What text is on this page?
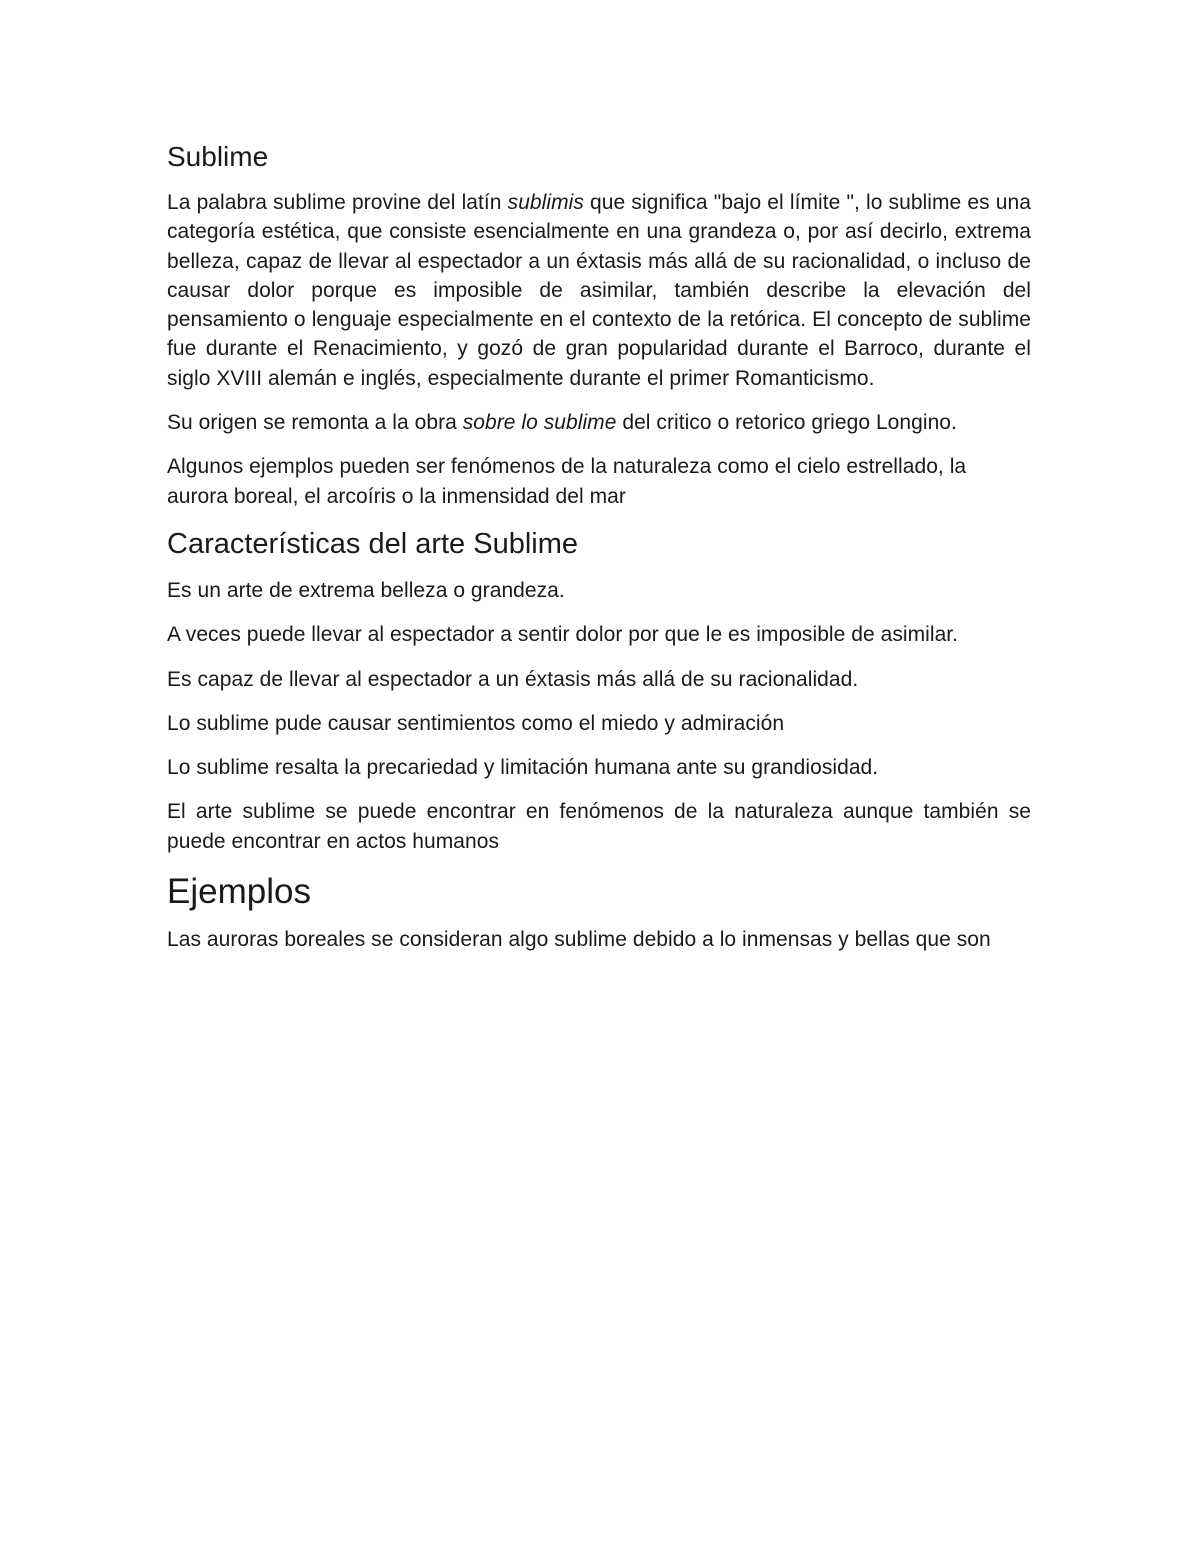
Sublime

La palabra sublime provine del latín sublimis que significa "bajo el límite ", lo sublime es una categoría estética, que consiste esencialmente en una grandeza o, por así decirlo, extrema belleza, capaz de llevar al espectador a un éxtasis más allá de su racionalidad, o incluso de causar dolor porque es imposible de asimilar, también describe la elevación del pensamiento o lenguaje especialmente en el contexto de la retórica. El concepto de sublime fue durante el Renacimiento, y gozó de gran popularidad durante el Barroco, durante el siglo XVIII alemán e inglés, especialmente durante el primer Romanticismo.

Su origen se remonta a la obra sobre lo sublime del critico o retorico griego Longino.

Algunos ejemplos pueden ser fenómenos de la naturaleza como el cielo estrellado, la aurora boreal, el arcoíris o la inmensidad del mar

Características del arte Sublime

Es un arte de extrema belleza o grandeza.

A veces puede llevar al espectador a sentir dolor por que le es imposible de asimilar.

Es capaz de llevar al espectador a un éxtasis más allá de su racionalidad.

Lo sublime pude causar sentimientos como el miedo y admiración

Lo sublime resalta la precariedad y limitación humana ante su grandiosidad.

El arte sublime se puede encontrar en fenómenos de la naturaleza aunque también se puede encontrar en actos humanos

Ejemplos

Las auroras boreales se consideran algo sublime debido a lo inmensas y bellas que son
